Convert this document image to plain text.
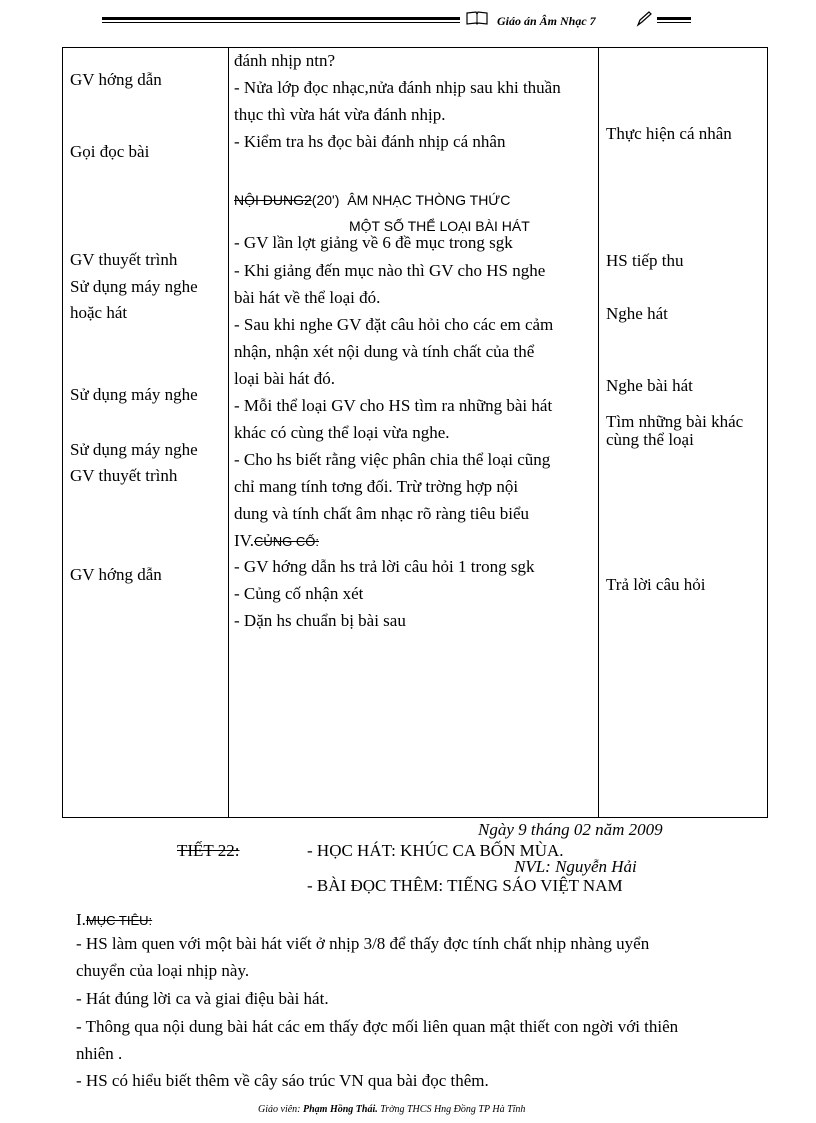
Giáo án Âm Nhạc 7
GV hớng dẫn
Gọi đọc bài
GV thuyết trình
Sử dụng máy nghe
hoặc hát
Sử dụng máy nghe
Sử dụng máy nghe
GV thuyết trình
GV hớng dẫn
đánh nhịp ntn?
- Nửa lớp đọc nhạc,nửa đánh nhịp sau khi thuần
thục thì vừa hát vừa đánh nhịp.
- Kiểm tra hs đọc bài đánh nhịp cá nhân
NỘI DUNG2(20') ÂM NHẠC THÒNG THỨC
MỘT SỐ THỂ LOẠI BÀI HÁT
- GV lần lợt giảng về 6 đề mục trong sgk
- Khi giảng đến mục nào thì GV cho HS nghe
bài hát về thể loại đó.
- Sau khi nghe GV đặt câu hỏi cho các em cảm
nhận, nhận xét nội dung và tính chất của thể
loại bài hát đó.
- Mỗi thể loại GV cho HS tìm ra những bài hát
khác có cùng thể loại vừa nghe.
- Cho hs biết rằng việc phân chia thể loại cũng
chỉ mang tính tơng đối. Trừ trờng hợp nội
dung và tính chất âm nhạc rõ ràng tiêu biểu
IV.CỦNG CỐ:
- GV hớng dẫn hs trả lời câu hỏi 1 trong sgk
- Củng cố nhận xét
- Dặn hs chuẩn bị bài sau
Thực hiện cá nhân
HS tiếp thu
Nghe hát
Nghe bài hát
Tìm những bài khác
cùng thể loại
Trả lời câu hỏi
Ngày 9 tháng 02 năm 2009
TIẾT 22:	- HỌC HÁT: KHÚC CA BỐN MÙA.
NVL: Nguyễn Hải
- BÀI ĐỌC THÊM: TIẾNG SÁO VIỆT NAM
I.MỤC TIÊU:
- HS làm quen với một bài hát viết ở nhịp 3/8 để thấy đợc tính chất nhịp nhàng uyển
chuyển của loại nhịp này.
- Hát đúng lời ca và giai điệu bài hát.
- Thông qua nội dung bài hát các em thấy đợc mối liên quan mật thiết con ngời với thiên
nhiên .
- HS có hiểu biết thêm về cây sáo trúc VN qua bài đọc thêm.
Giáo viên: Phạm Hồng Thái. Trờng THCS Hng Đồng TP Hà Tĩnh
